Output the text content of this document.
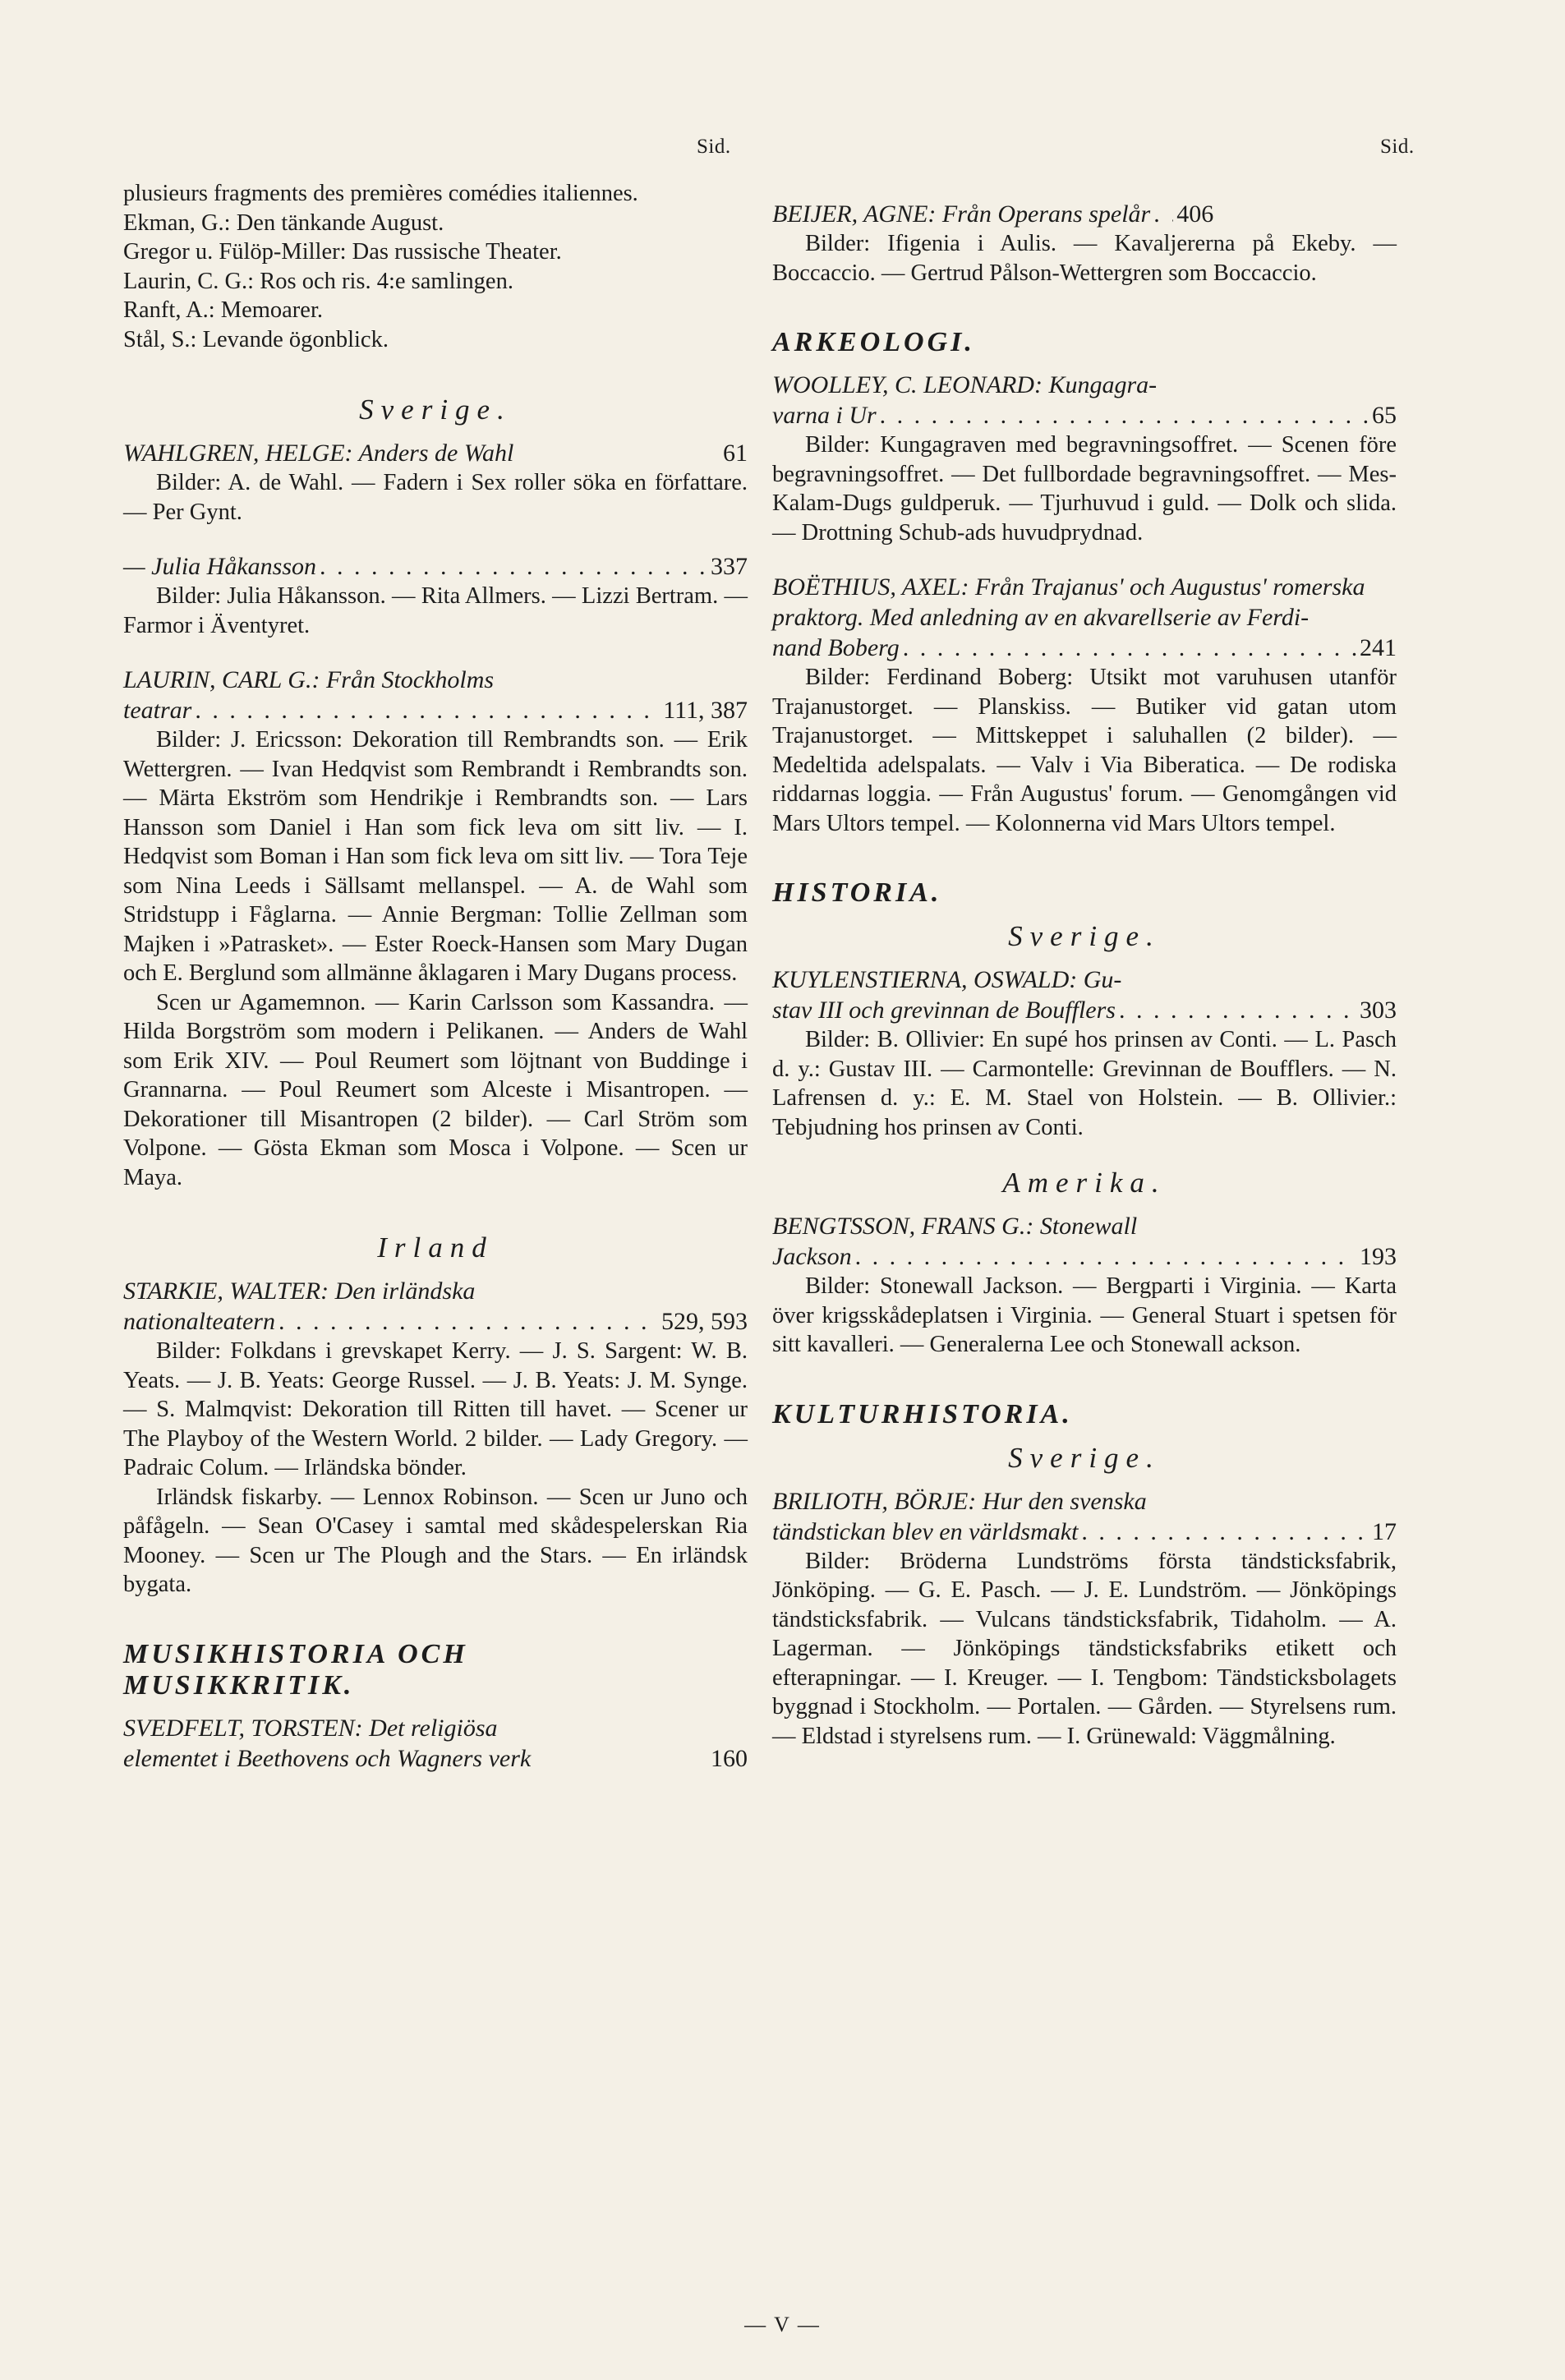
Sid.	Sid.

plusieurs fragments des premières comédies italiennes.

Ekman, G.: Den tänkande August.

Gregor u. Fülöp-Miller: Das russische Theater.

Laurin, C. G.: Ros och ris. 4:e samlingen.

Ranft, A.: Memoarer.

Stål, S.: Levande ögonblick.

Sverige.

WAHLGREN, HELGE: Anders de Wahl	61

Bilder: A. de Wahl. — Fadern i Sex roller söka en författare. — Per Gynt.

— Julia Håkansson . . .	337

Bilder: Julia Håkansson. — Rita Allmers. — Lizzi Bertram. — Farmor i Äventyret.

LAURIN, CARL G.: Från Stockholms

teatrar . . .	111, 387

Bilder: J. Ericsson: Dekoration till Rembrandts son. — Erik Wettergren. — Ivan Hedqvist som Rembrandt i Rembrandts son. — Märta Ekström som Hendrikje i Rembrandts son. — Lars Hansson som Daniel i Han som fick leva om sitt liv. — I. Hedqvist som Boman i Han som fick leva om sitt liv. — Tora Teje som Nina Leeds i Sällsamt mellanspel. — A. de Wahl som Stridstupp i Fåglarna. — Annie Bergman: Tollie Zellman som Majken i »Patrasket». — Ester Roeck-Hansen som Mary Dugan och E. Berglund som allmänne åklagaren i Mary Dugans process.

Scen ur Agamemnon. — Karin Carlsson som Kassandra. — Hilda Borgström som modern i Pelikanen. — Anders de Wahl som Erik XIV. — Poul Reumert som löjtnant von Buddinge i Grannarna. — Poul Reumert som Alceste i Misantropen. — Dekorationer till Misantropen (2 bilder). — Carl Ström som Volpone. — Gösta Ekman som Mosca i Volpone. — Scen ur Maya.

Irland

STARKIE, WALTER: Den irländska

nationalteatern . . .	529, 593

Bilder: Folkdans i grevskapet Kerry. — J. S. Sargent: W. B. Yeats. — J. B. Yeats: George Russel. — J. B. Yeats: J. M. Synge. — S. Malmqvist: Dekoration till Ritten till havet. — Scener ur The Playboy of the Western World. 2 bilder. — Lady Gregory. — Padraic Colum. — Irländska bönder.

Irländsk fiskarby. — Lennox Robinson. — Scen ur Juno och påfågeln. — Sean O'Casey i samtal med skådespelerskan Ria Mooney. — Scen ur The Plough and the Stars. — En irländsk bygata.

MUSIKHISTORIA OCH

MUSIKKRITIK.

SVEDFELT, TORSTEN: Det religiösa

elementet i Beethovens och Wagners verk	160
BEIJER, AGNE: Från Operans spelår . . . 406

Bilder: Ifigenia i Aulis. — Kavaljererna på Ekeby. — Boccaccio. — Gertrud Pålson-Wettergren som Boccaccio.

ARKEOLOGI.

WOOLLEY, C. LEONARD: Kungagra-

varna i Ur . . .	65

Bilder: Kungagraven med begravningsoffret. — Scenen före begravningsoffret. — Det fullbordade begravningsoffret. — Mes-Kalam-Dugs guldperuk. — Tjurhuvud i guld. — Dolk och slida. — Drottning Schub-ads huvudprydnad.

BOËTHIUS, AXEL: Från Trajanus' och Augustus' romerska praktorg. Med anledning av en akvarellserie av Ferdi-

nand Boberg . . .	241

Bilder: Ferdinand Boberg: Utsikt mot varuhusen utanför Trajanustorget. — Planskiss. — Butiker vid gatan utom Trajanustorget. — Mittskeppet i saluhallen (2 bilder). — Medeltida adelspalats. — Valv i Via Biberatica. — De rodiska riddarnas loggia. — Från Augustus' forum. — Genomgången vid Mars Ultors tempel. — Kolonnerna vid Mars Ultors tempel.

HISTORIA.

Sverige.

KUYLENSTIERNA, OSWALD: Gu-

stav III och grevinnan de Boufflers . . .	303

Bilder: B. Ollivier: En supé hos prinsen av Conti. — L. Pasch d. y.: Gustav III. — Carmontelle: Grevinnan de Boufflers. — N. Lafrensen d. y.: E. M. Stael von Holstein. — B. Ollivier.: Tebjudning hos prinsen av Conti.

Amerika.

BENGTSSON, FRANS G.: Stonewall

Jackson . . .	193

Bilder: Stonewall Jackson. — Bergparti i Virginia. — Karta över krigsskådeplatsen i Virginia. — General Stuart i spetsen för sitt kavalleri. — Generalerna Lee och Stonewall ackson.

KULTURHISTORIA.

Sverige.

BRILIOTH, BÖRJE: Hur den svenska

tändstickan blev en världsmakt . . .	17

Bilder: Bröderna Lundströms första tändsticksfabrik, Jönköping. — G. E. Pasch. — J. E. Lundström. — Jönköpings tändsticksfabrik. — Vulcans tändsticksfabrik, Tidaholm. — A. Lagerman. — Jönköpings tändsticksfabriks etikett och efterapningar. — I. Kreuger. — I. Tengbom: Tändsticksbolagets byggnad i Stockholm. — Portalen. — Gården. — Styrelsens rum. — Eldstad i styrelsens rum. — I. Grünewald: Väggmålning.

— V —
